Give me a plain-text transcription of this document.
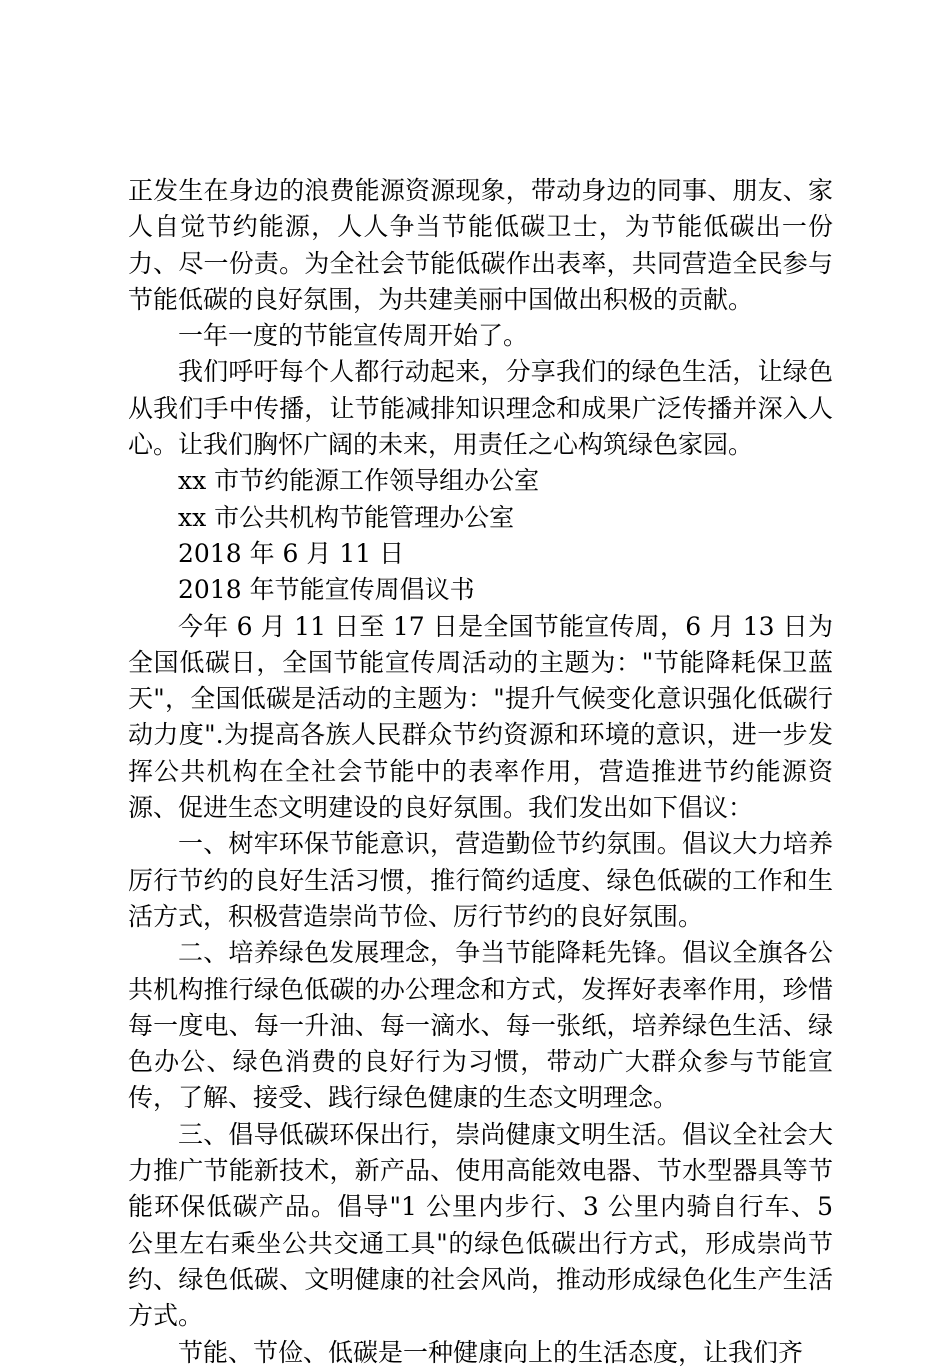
正发生在身边的浪费能源资源现象，带动身边的同事、朋友、家人自觉节约能源，人人争当节能低碳卫士，为节能低碳出一份力、尽一份责。为全社会节能低碳作出表率，共同营造全民参与节能低碳的良好氛围，为共建美丽中国做出积极的贡献。

一年一度的节能宣传周开始了。

我们呼吁每个人都行动起来，分享我们的绿色生活，让绿色从我们手中传播，让节能减排知识理念和成果广泛传播并深入人心。让我们胸怀广阔的未来，用责任之心构筑绿色家园。

xx 市节约能源工作领导组办公室

xx 市公共机构节能管理办公室

2018 年 6 月 11 日

2018 年节能宣传周倡议书

今年 6 月 11 日至 17 日是全国节能宣传周，6 月 13 日为全国低碳日，全国节能宣传周活动的主题为："节能降耗保卫蓝天"，全国低碳是活动的主题为："提升气候变化意识强化低碳行动力度".为提高各族人民群众节约资源和环境的意识，进一步发挥公共机构在全社会节能中的表率作用，营造推进节约能源资源、促进生态文明建设的良好氛围。我们发出如下倡议：

一、树牢环保节能意识，营造勤俭节约氛围。倡议大力培养厉行节约的良好生活习惯，推行简约适度、绿色低碳的工作和生活方式，积极营造崇尚节俭、厉行节约的良好氛围。

二、培养绿色发展理念，争当节能降耗先锋。倡议全旗各公共机构推行绿色低碳的办公理念和方式，发挥好表率作用，珍惜每一度电、每一升油、每一滴水、每一张纸，培养绿色生活、绿色办公、绿色消费的良好行为习惯，带动广大群众参与节能宣传，了解、接受、践行绿色健康的生态文明理念。

三、倡导低碳环保出行，崇尚健康文明生活。倡议全社会大力推广节能新技术，新产品、使用高能效电器、节水型器具等节能环保低碳产品。倡导"1 公里内步行、3 公里内骑自行车、5 公里左右乘坐公共交通工具"的绿色低碳出行方式，形成崇尚节约、绿色低碳、文明健康的社会风尚，推动形成绿色化生产生活方式。

节能、节俭、低碳是一种健康向上的生活态度，让我们齐
